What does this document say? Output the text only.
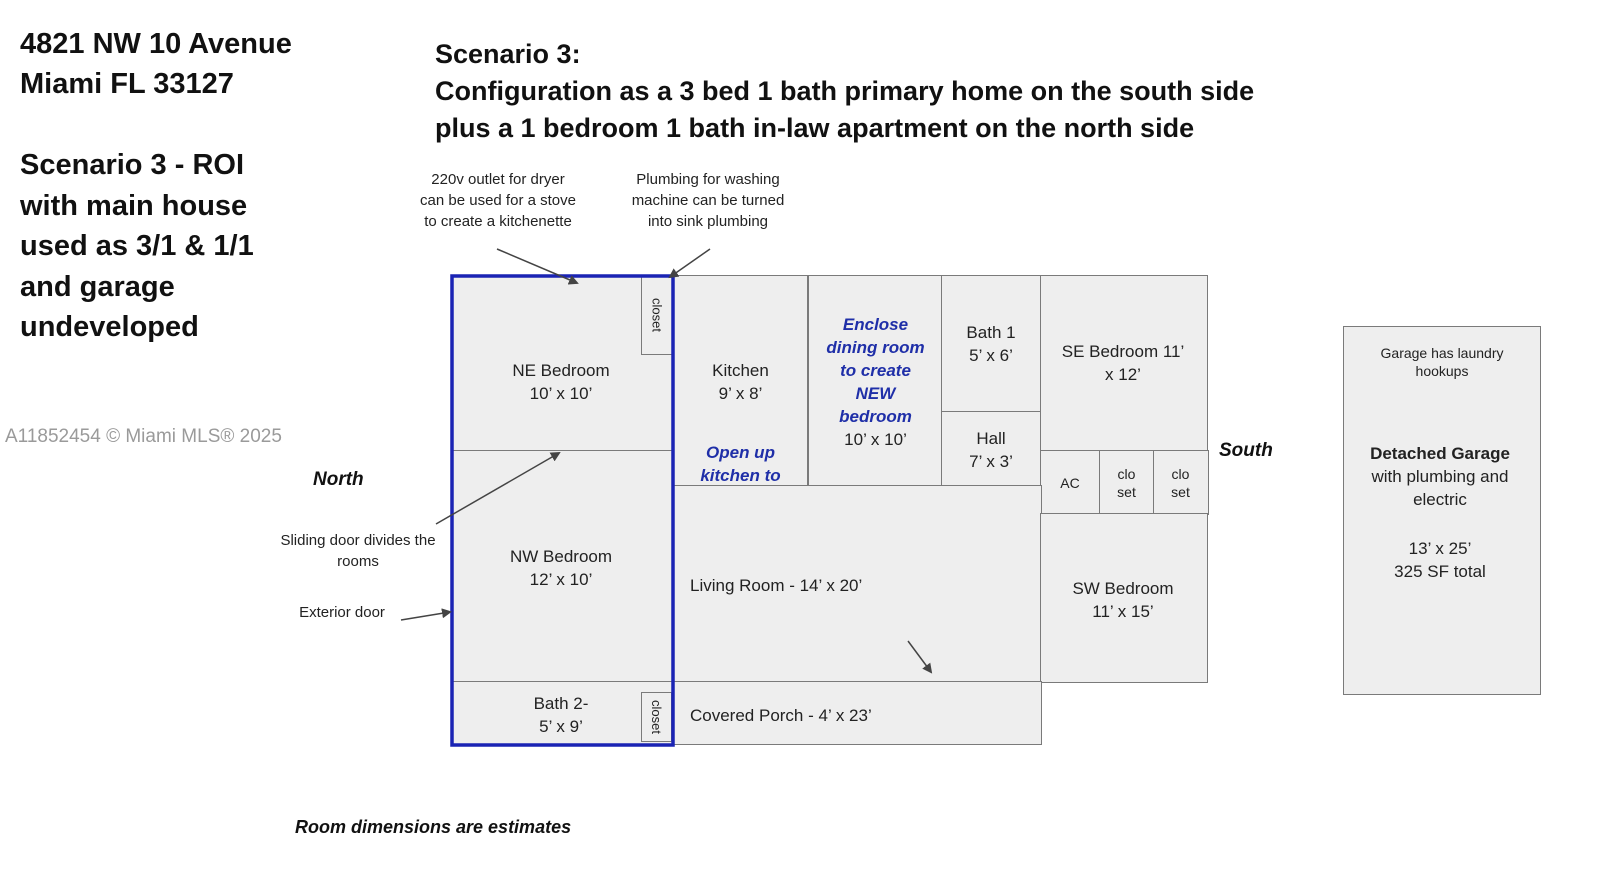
4821 NW 10 Avenue
Miami FL 33127
Scenario 3 - ROI
with main house
used as 3/1 & 1/1
and garage
undeveloped
Scenario 3:
Configuration as a 3 bed 1 bath primary home on the south side
plus a 1 bedroom 1 bath in-law apartment on the north side
220v outlet for dryer
can be used for a stove
to create a kitchenette
Plumbing for washing
machine can be turned
into sink plumbing
A11852454 © Miami MLS® 2025
North
South
Sliding door divides the
rooms
Exterior door
NE Bedroom
10’ x 10’
closet
NW Bedroom
12’ x 10’
Bath 2-
5’ x 9’	closet
Kitchen
9’ x 8’
Open up
kitchen to
Enclose
dining room
to create
NEW
bedroom
10’ x 10’
Bath 1
5’ x 6’
Hall
7’ x 3’
SE Bedroom 11’
x 12’
AC
clo
set
clo
set
Living Room - 14’ x 20’	SW Bedroom
11’ x 15’
Covered Porch - 4’ x 23’
Garage has laundry
hookups
Detached Garage
with plumbing and
electric
13’ x 25’
325 SF total
Room dimensions are estimates
